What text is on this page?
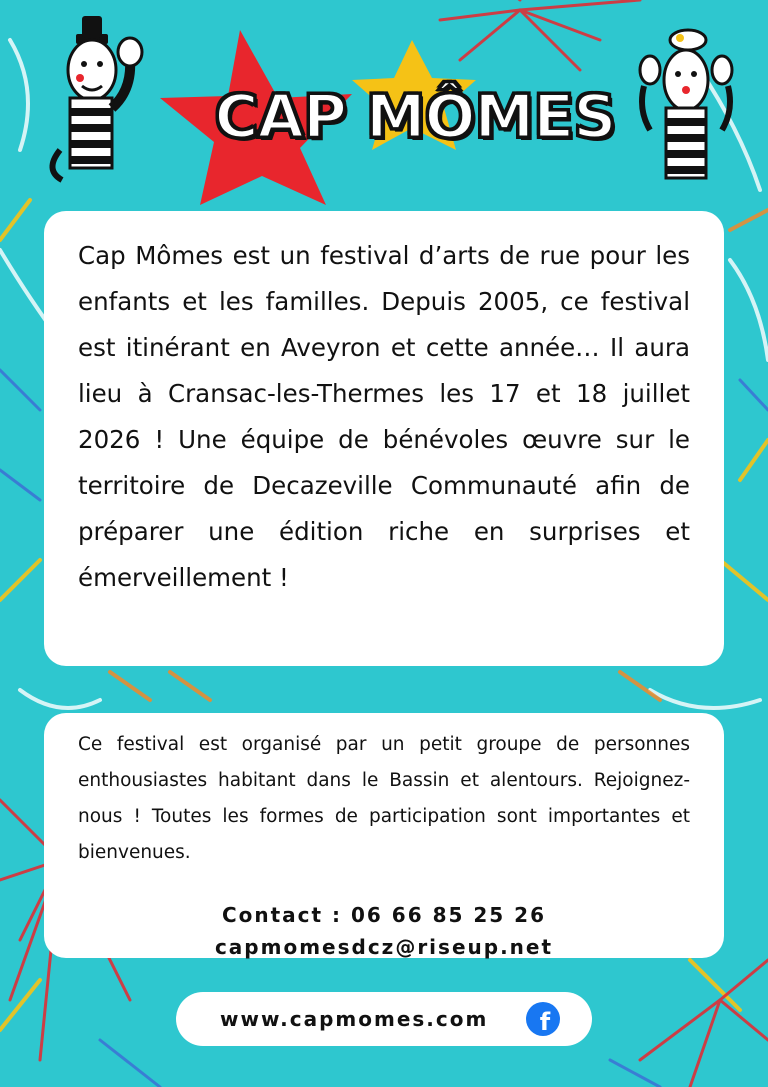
CAP MÔMES

Cap Mômes est un festival d’arts de rue pour les enfants et les familles. Depuis 2005, ce festival est itinérant en Aveyron et cette année… Il aura lieu à Cransac-les-Thermes les 17 et 18 juillet 2026 ! Une équipe de bénévoles œuvre sur le territoire de Decazeville Communauté afin de préparer une édition riche en surprises et émerveillement !

Ce festival est organisé par un petit groupe de personnes enthousiastes habitant dans le Bassin et alentours. Rejoignez-nous ! Toutes les formes de participation sont importantes et bienvenues.

Contact : 06 66 85 25 26
capmomesdcz@riseup.net
www.capmomes.com f
